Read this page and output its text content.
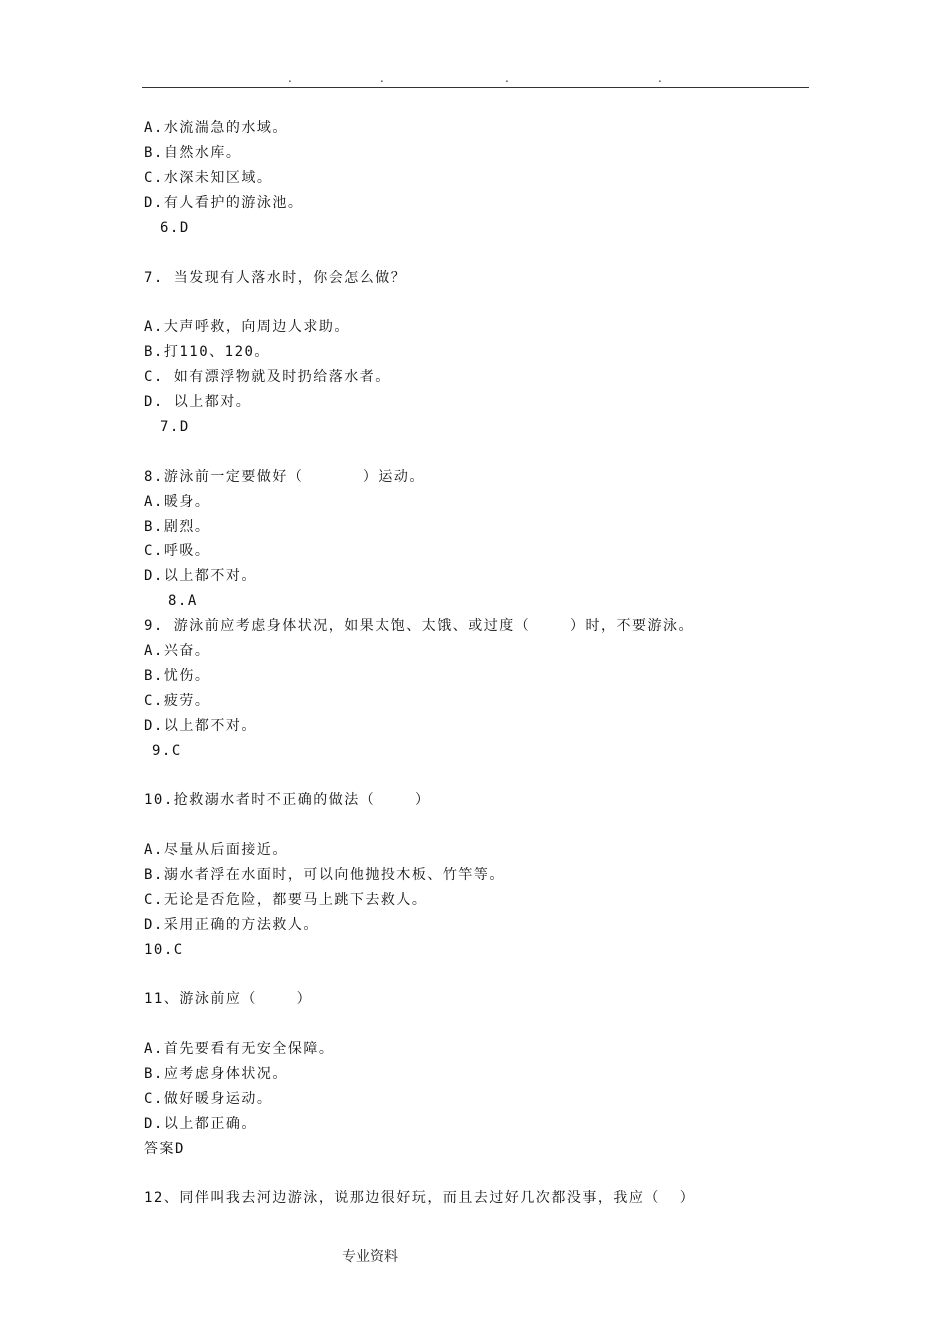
.	.	.	.
A.水流湍急的水域。
B.自然水库。
C.水深未知区域。
D.有人看护的游泳池。
6.D
7. 当发现有人落水时，你会怎么做？
A.大声呼救，向周边人求助。
B.打110、120。
C. 如有漂浮物就及时扔给落水者。
D. 以上都对。
7.D
8.游泳前一定要做好（      ）运动。
A.暖身。
B.剧烈。
C.呼吸。
D.以上都不对。
8.A
9. 游泳前应考虑身体状况，如果太饱、太饿、或过度（    ）时，不要游泳。
A.兴奋。
B.忧伤。
C.疲劳。
D.以上都不对。
9.C
10.抢救溺水者时不正确的做法（    ）
A.尽量从后面接近。
B.溺水者浮在水面时，可以向他抛投木板、竹竿等。
C.无论是否危险，都要马上跳下去救人。
D.采用正确的方法救人。
10.C
11、游泳前应（    ）
A.首先要看有无安全保障。
B.应考虑身体状况。
C.做好暖身运动。
D.以上都正确。
答案D
12、同伴叫我去河边游泳，说那边很好玩，而且去过好几次都没事，我应（  ）
专业资料
